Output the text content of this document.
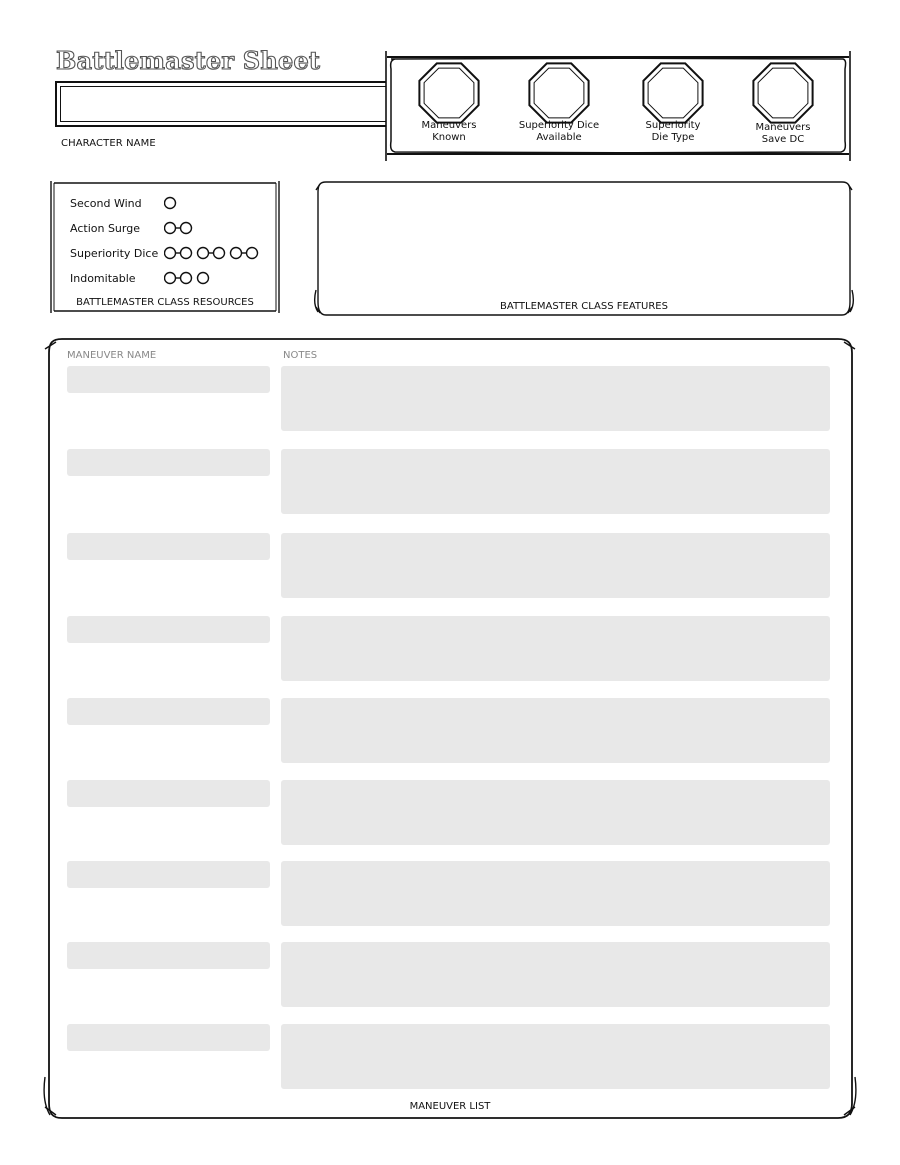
Battlemaster Sheet
CHARACTER NAME
Maneuvers
Known
Superiority Dice
Available
Superiority
Die Type
Maneuvers
Save DC
Second Wind
Action Surge
Superiority Dice
Indomitable
BATTLEMASTER CLASS RESOURCES	BATTLEMASTER CLASS FEATURES
MANEUVER NAME	NOTES
MANEUVER LIST
